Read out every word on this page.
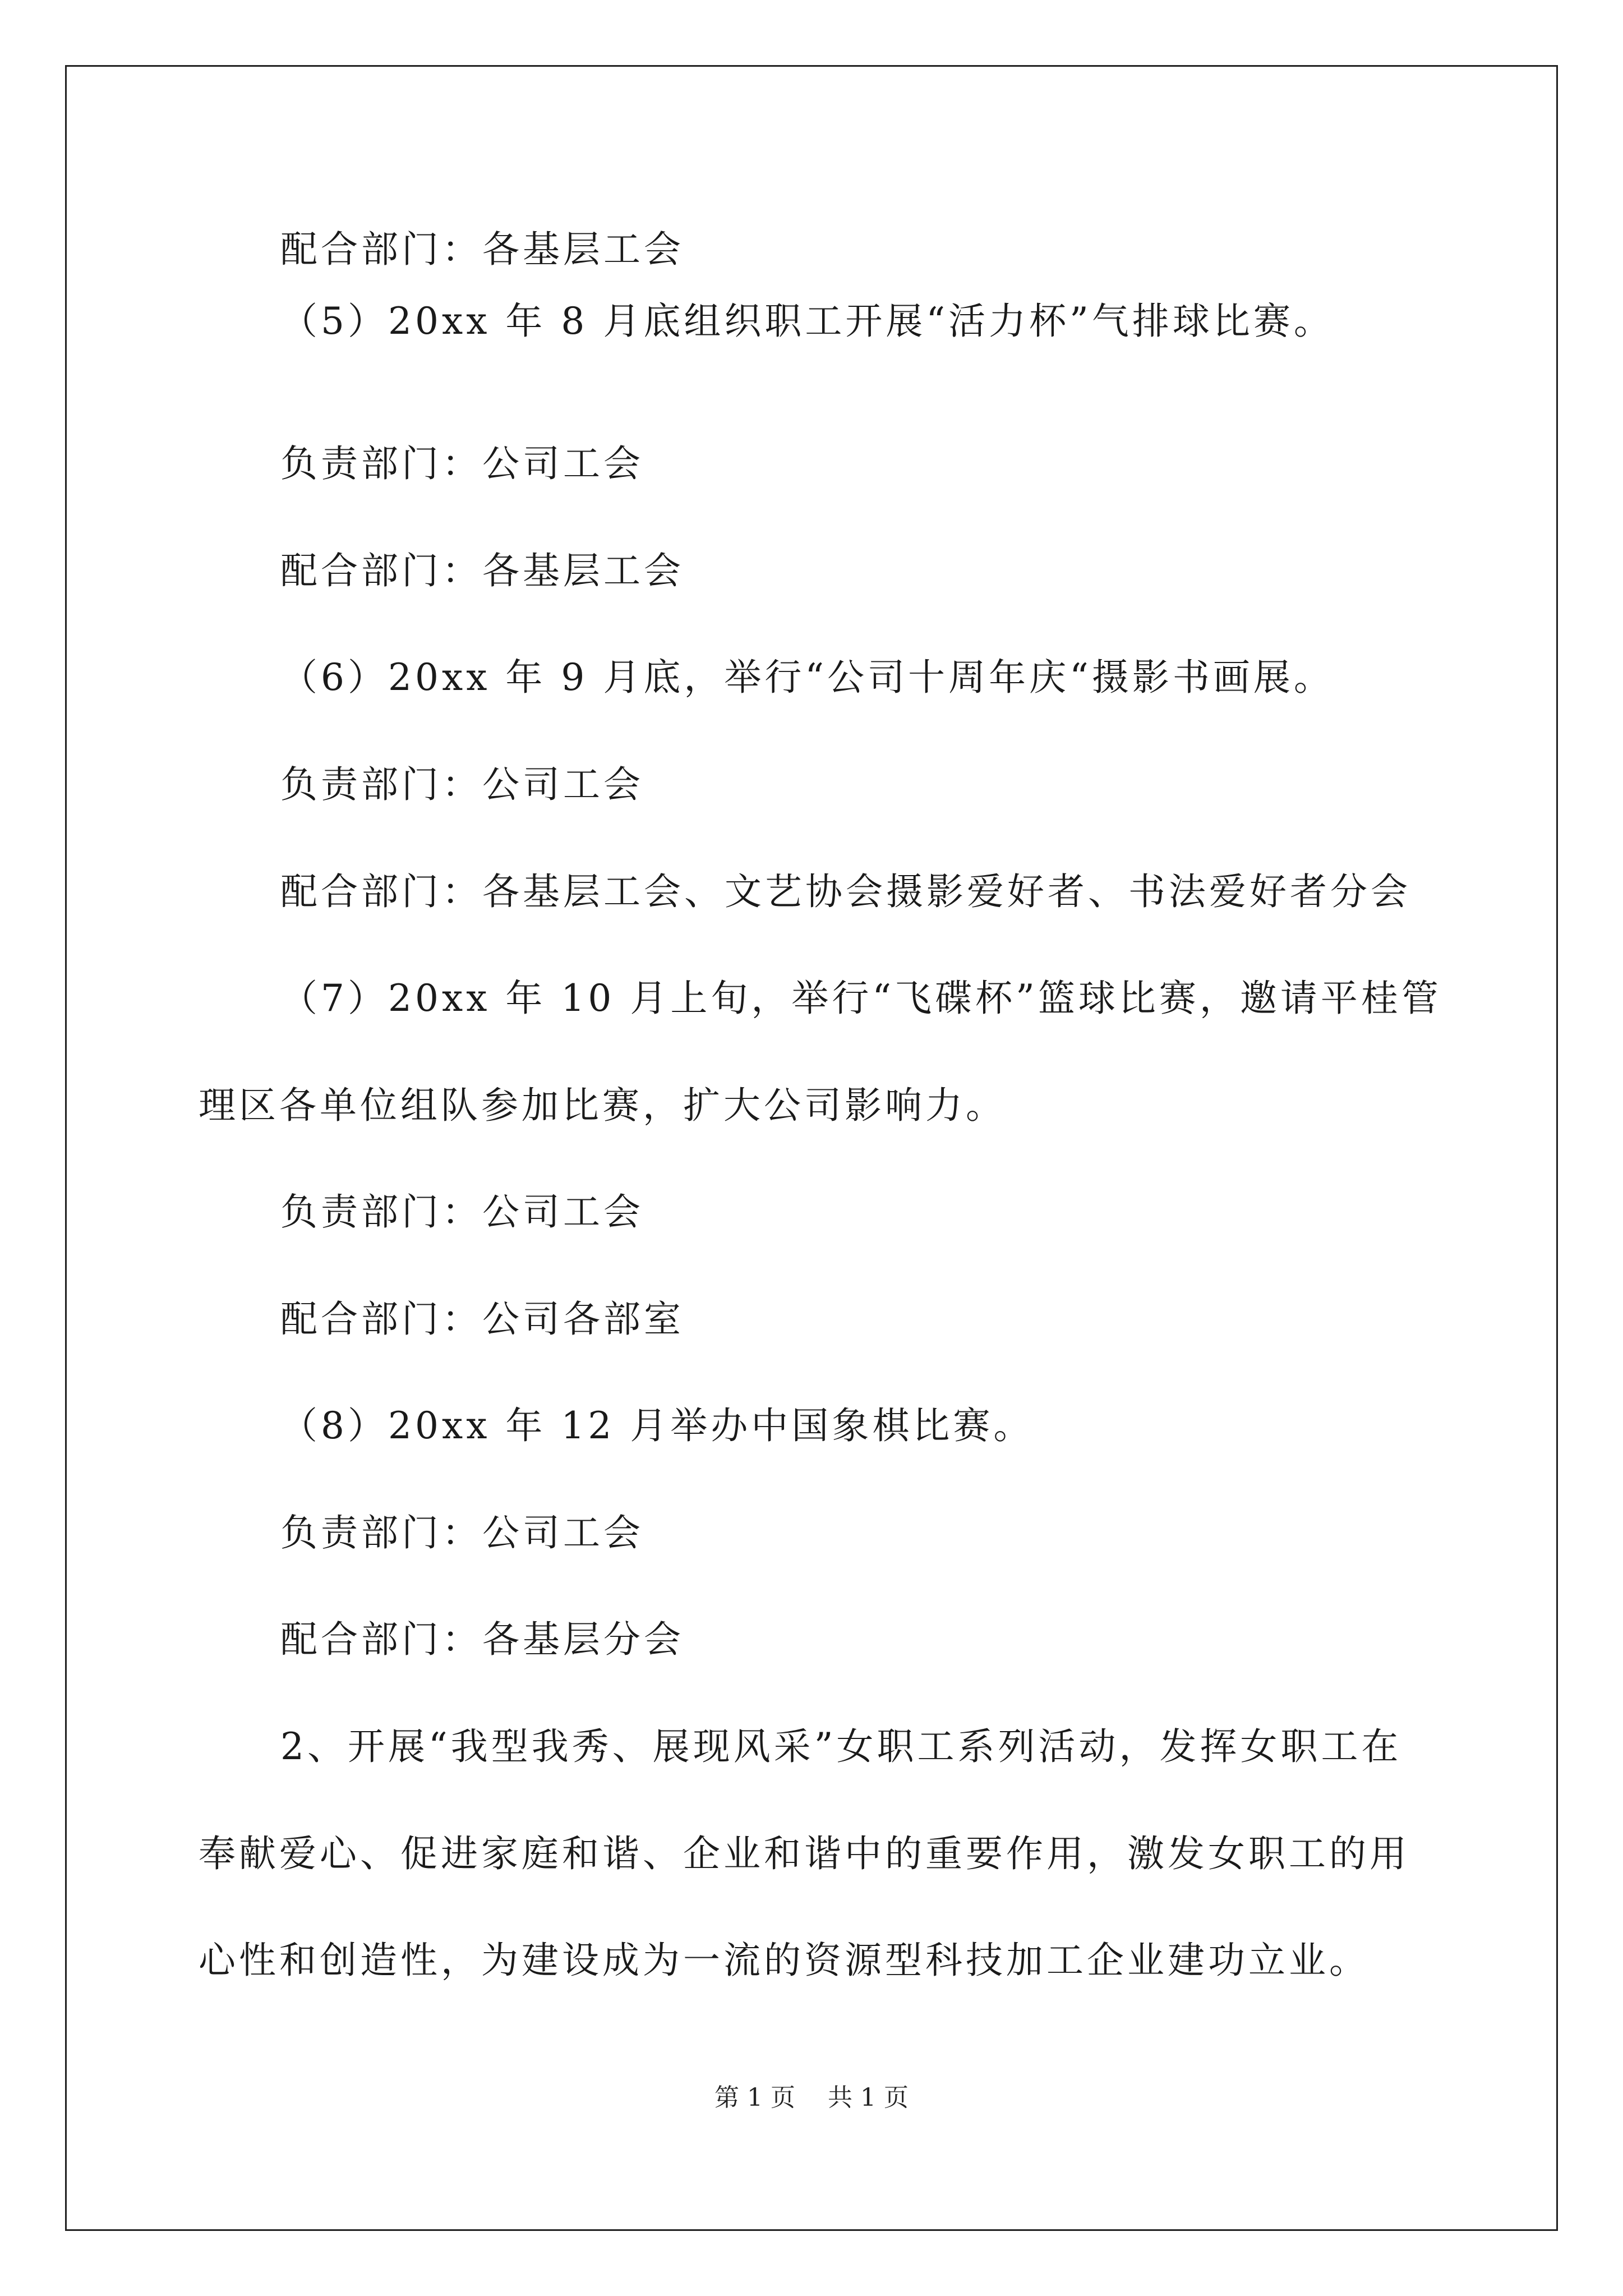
配合部门：各基层工会
（5）20xx 年 8 月底组织职工开展“活力杯”气排球比赛。
负责部门：公司工会
配合部门：各基层工会
（6）20xx 年 9 月底，举行“公司十周年庆“摄影书画展。
负责部门：公司工会
配合部门：各基层工会、文艺协会摄影爱好者、书法爱好者分会
（7）20xx 年 10 月上旬，举行“飞碟杯”篮球比赛，邀请平桂管
理区各单位组队参加比赛，扩大公司影响力。
负责部门：公司工会
配合部门：公司各部室
（8）20xx 年 12 月举办中国象棋比赛。
负责部门：公司工会
配合部门：各基层分会
2、开展“我型我秀、展现风采”女职工系列活动，发挥女职工在
奉献爱心、促进家庭和谐、企业和谐中的重要作用，激发女职工的用
心性和创造性，为建设成为一流的资源型科技加工企业建功立业。
第 1 页 共 1 页
